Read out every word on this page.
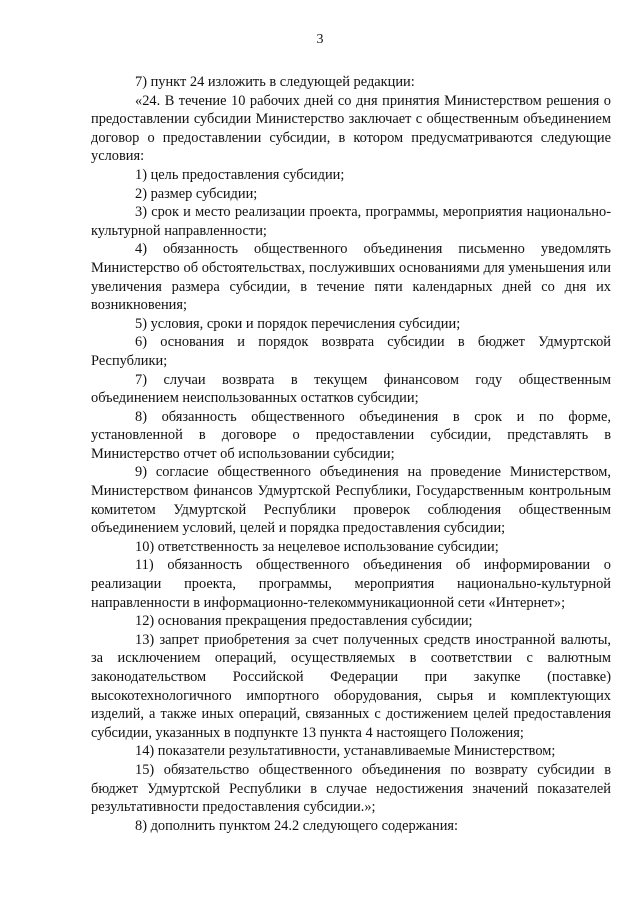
3

7) пункт 24 изложить в следующей редакции:

«24. В течение 10 рабочих дней со дня принятия Министерством решения о предоставлении субсидии Министерство заключает с общественным объединением договор о предоставлении субсидии, в котором предусматриваются следующие условия:

1) цель предоставления субсидии;

2) размер субсидии;

3) срок и место реализации проекта, программы, мероприятия национально-культурной направленности;

4) обязанность общественного объединения письменно уведомлять Министерство об обстоятельствах, послуживших основаниями для уменьшения или увеличения размера субсидии, в течение пяти календарных дней со дня их возникновения;

5) условия, сроки и порядок перечисления субсидии;

6) основания и порядок возврата субсидии в бюджет Удмуртской Республики;

7) случаи возврата в текущем финансовом году общественным объединением неиспользованных остатков субсидии;

8) обязанность общественного объединения в срок и по форме, установленной в договоре о предоставлении субсидии, представлять в Министерство отчет об использовании субсидии;

9) согласие общественного объединения на проведение Министерством, Министерством финансов Удмуртской Республики, Государственным контрольным комитетом Удмуртской Республики проверок соблюдения общественным объединением условий, целей и порядка предоставления субсидии;

10) ответственность за нецелевое использование субсидии;

11) обязанность общественного объединения об информировании о реализации проекта, программы, мероприятия национально-культурной направленности в информационно-телекоммуникационной сети «Интернет»;

12) основания прекращения предоставления субсидии;

13) запрет приобретения за счет полученных средств иностранной валюты, за исключением операций, осуществляемых в соответствии с валютным законодательством Российской Федерации при закупке (поставке) высокотехнологичного импортного оборудования, сырья и комплектующих изделий, а также иных операций, связанных с достижением целей предоставления субсидии, указанных в подпункте 13 пункта 4 настоящего Положения;

14) показатели результативности, устанавливаемые Министерством;

15) обязательство общественного объединения по возврату субсидии в бюджет Удмуртской Республики в случае недостижения значений показателей результативности предоставления субсидии.»;

8) дополнить пунктом 24.2 следующего содержания:
